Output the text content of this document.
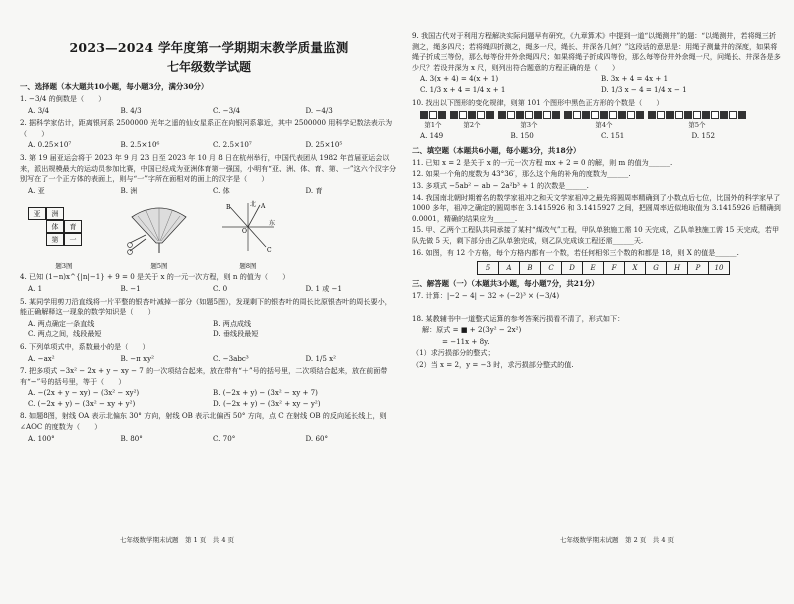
2023—2024 学年度第一学期期末教学质量监测
七年级数学试题
一、选择题（本大题共10小题，每小题3分，满分30分）
1. −3/4 的倒数是（　　）
A. 3/4	B. 4/3	C. −3/4	D. −4/3
2. 据科学家估计，距离银河系 2500000 光年之遥的仙女星系正在向银河系靠近，其中 2500000 用科学记数法表示为（　　）
A. 0.25×10⁷	B. 2.5×10⁶	C. 2.5×10⁷	D. 25×10⁵
3. 第 19 届亚运会将于 2023 年 9 月 23 日至 2023 年 10 月 8 日在杭州举行，中国代表团从 1982 年首届亚运会以来，派出规模最大的运动员参加比赛，中国已经成为亚洲体育第一强国，小明有“亚、洲、体、育、第、一”这六个汉字分别写在了一个正方体的表面上，则与“一”字所在面相对的面上的汉字是（　　）
A. 亚	B. 洲	C. 体	D. 育
亚	洲
体	育
第	一
题3图	题5图
北
东
O
A
B
C
题8图
4. 已知 (1−n)x^{|n|−1} + 9 = 0 是关于 x 的一元一次方程，则 n 的值为（　　）
A. 1	B. −1	C. 0	D. 1 或 −1
5. 某同学用剪刀沿直线将一片平整的银杏叶减掉一部分（如题5图），发现剩下的银杏叶的周长比原银杏叶的周长要小，能正确解释这一现象的数学知识是（　　）
A. 两点确定一条直线	B. 两点成线
C. 两点之间，线段最短	D. 垂线段最短
6. 下列单项式中，系数最小的是（　　）
A. −ax²	B. −π xy²	C. −3abc³	D. 1/5 x²
7. 把多项式 −3x² − 2x + y − xy − 7 的一次项结合起来，放在带有“＋”号的括号里，二次项结合起来，放在前面带有“−”号的括号里，等于（　　）
A. −(2x + y − xy) − (3x² − xy²)	B. (−2x + y) − (3x² − xy + 7)
C. (−2x + y) − (3x² − xy + y²)	D. (−2x + y) − (3x² + xy − y²)
8. 如题8图，射线 OA 表示北偏东 30° 方向，射线 OB 表示北偏西 50° 方向，点 C 在射线 OB 的反向延长线上，则 ∠AOC 的度数为（　　）
A. 100°	B. 80°	C. 70°	D. 60°
9. 我国古代对于利用方程解决实际问题早有研究，《九章算术》中提到一道“以绳测井”的题：“以绳测井，若将绳三折测之，绳多四尺；若将绳四折测之，绳多一尺，绳长、井深各几何？”这段话的意思是：用绳子测量井的深度，如果将绳子折成三等份，那么每等份井外余绳四尺；如果将绳子折成四等份，那么每等份井外余绳一尺，问绳长、井深各是多少尺？若设井深为 x 尺，则列出符合题意的方程正确的是（　　）
A. 3(x + 4) = 4(x + 1)	B. 3x + 4 = 4x + 1
C. 1/3 x + 4 = 1/4 x + 1	D. 1/3 x − 4 = 1/4 x − 1
10. 找出以下图形的变化规律，则第 101 个图形中黑色正方形的个数是（　　）
第1个	第2个	第3个	第4个	第5个
A. 149	B. 150	C. 151	D. 152
二、填空题（本题共6小题，每小题3分，共18分）
11. 已知 x = 2 是关于 x 的一元一次方程 mx + 2 = 0 的解，则 m 的值为______.
12. 如果一个角的度数为 43°36′，那么这个角的补角的度数为______.
13. 多项式 −5ab² − ab − 2a²b³ + 1 的次数是______.
14. 我国南北朝时期着名的数学家祖冲之和天文学家祖冲之最先将圆周率精确到了小数点后七位，比国外的科学家早了 1000 多年，祖冲之确定的圆周率在 3.1415926 和 3.1415927 之间，把圆周率近似地取值为 3.1415926 后精确到 0.0001，精确的结果应为______.
15. 甲、乙两个工程队共同承接了某村“煤改气”工程，甲队单独施工需 10 天完成，乙队单独施工需 15 天完成，若甲队先做 5 天，剩下部分由乙队单独完成，则乙队完成该工程还需______天.
16. 如图，有 12 个方格，每个方格内都有一个数，若任何相邻三个数的和都是 18，则 X 的值是______.
5	A	B	C	D	E	F	X	G	H	P	10
三、解答题（一）（本题共3小题，每小题7分，共21分）
17. 计算：|−2 − 4| − 32 ÷ (−2)³ × (−3/4)
18. 某教辅书中一道整式运算的参考答案污损看不清了，形式如下：
解：原式 = ■ + 2(3y² − 2x²)
= −11x + 8y.
（1）求污损部分的整式；
（2）当 x = 2，y = −3 时，求污损部分整式的值.
七年级数学期末试题　第 1 页　共 4 页	七年级数学期末试题　第 2 页　共 4 页
